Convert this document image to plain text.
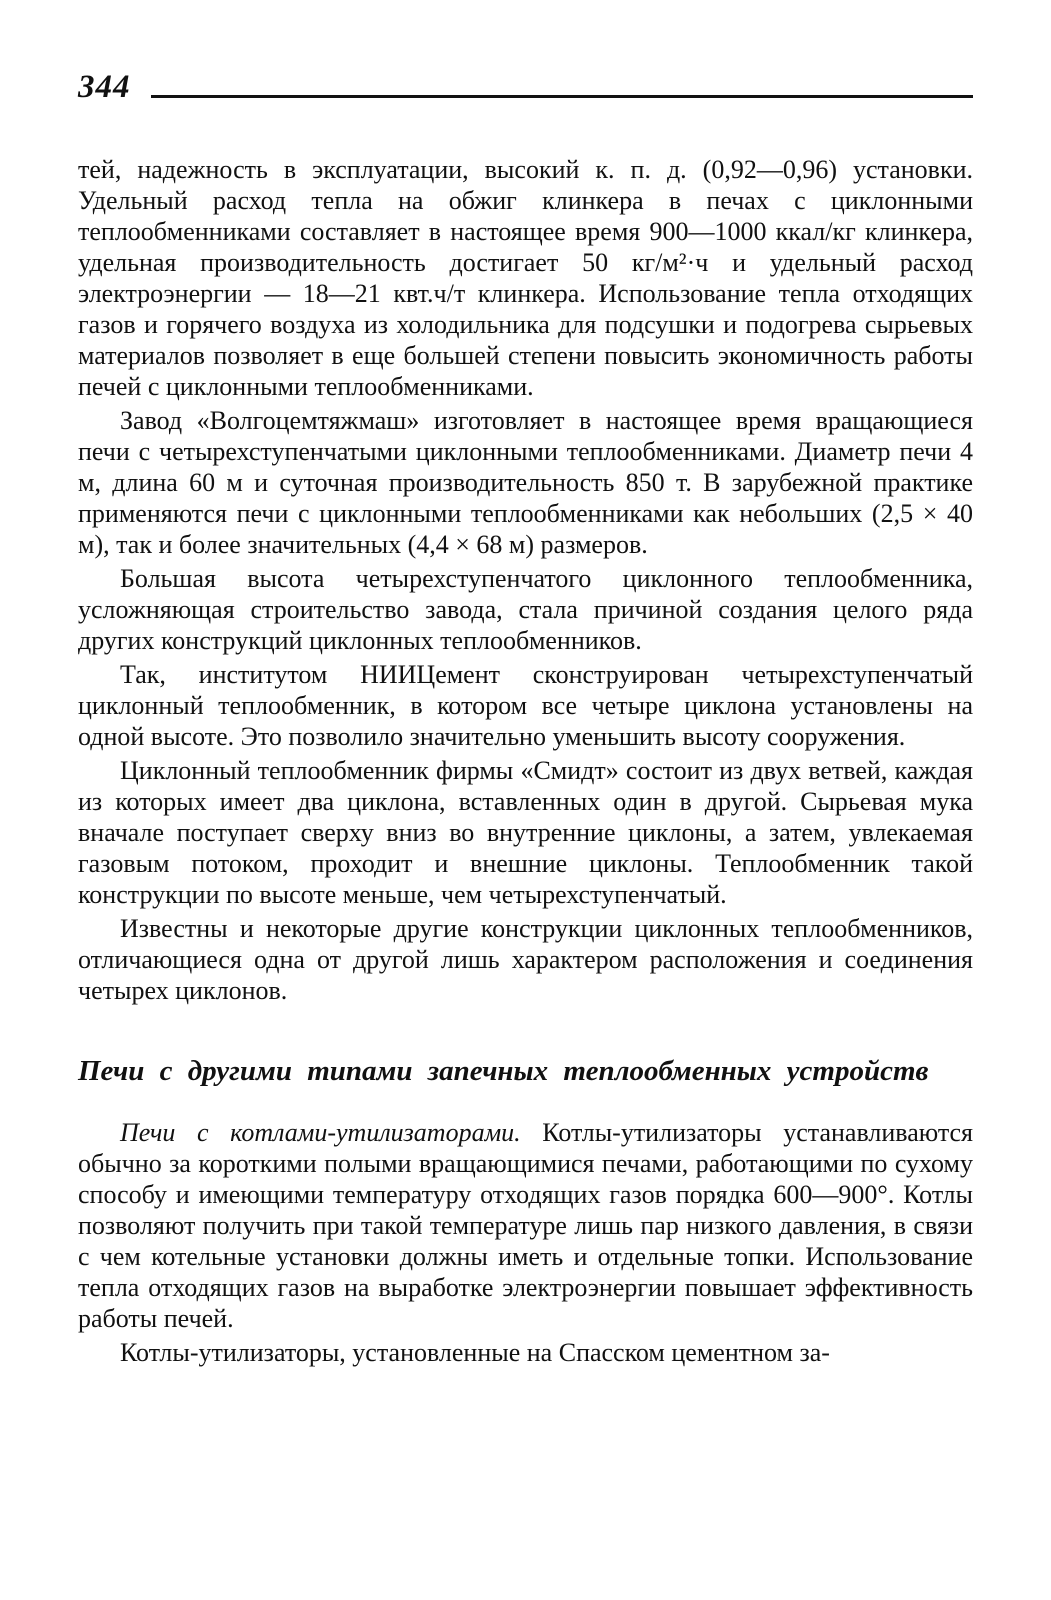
344

тей, надежность в эксплуатации, высокий к. п. д. (0,92—0,96) установки. Удельный расход тепла на обжиг клинкера в печах с циклонными теплообменниками составляет в настоящее время 900—1000 ккал/кг клинкера, удельная производительность достигает 50 кг/м²·ч и удельный расход электроэнергии — 18—21 квт.ч/т клинкера. Использование тепла отходящих газов и горячего воздуха из холодильника для подсушки и подогрева сырьевых материалов позволяет в еще большей степени повысить экономичность работы печей с циклонными теплообменниками.

Завод «Волгоцемтяжмаш» изготовляет в настоящее время вращающиеся печи с четырехступенчатыми циклонными теплообменниками. Диаметр печи 4 м, длина 60 м и суточная производительность 850 т. В зарубежной практике применяются печи с циклонными теплообменниками как небольших (2,5 × 40 м), так и более значительных (4,4 × 68 м) размеров.

Большая высота четырехступенчатого циклонного теплообменника, усложняющая строительство завода, стала причиной создания целого ряда других конструкций циклонных теплообменников.

Так, институтом НИИЦемент сконструирован четырехступенчатый циклонный теплообменник, в котором все четыре циклона установлены на одной высоте. Это позволило значительно уменьшить высоту сооружения.

Циклонный теплообменник фирмы «Смидт» состоит из двух ветвей, каждая из которых имеет два циклона, вставленных один в другой. Сырьевая мука вначале поступает сверху вниз во внутренние циклоны, а затем, увлекаемая газовым потоком, проходит и внешние циклоны. Теплообменник такой конструкции по высоте меньше, чем четырехступенчатый.

Известны и некоторые другие конструкции циклонных теплообменников, отличающиеся одна от другой лишь характером расположения и соединения четырех циклонов.

Печи с другими типами запечных теплообменных устройств

Печи с котлами-утилизаторами. Котлы-утилизаторы устанавливаются обычно за короткими полыми вращающимися печами, работающими по сухому способу и имеющими температуру отходящих газов порядка 600—900°. Котлы позволяют получить при такой температуре лишь пар низкого давления, в связи с чем котельные установки должны иметь и отдельные топки. Использование тепла отходящих газов на выработке электроэнергии повышает эффективность работы печей.

Котлы-утилизаторы, установленные на Спасском цементном за-
